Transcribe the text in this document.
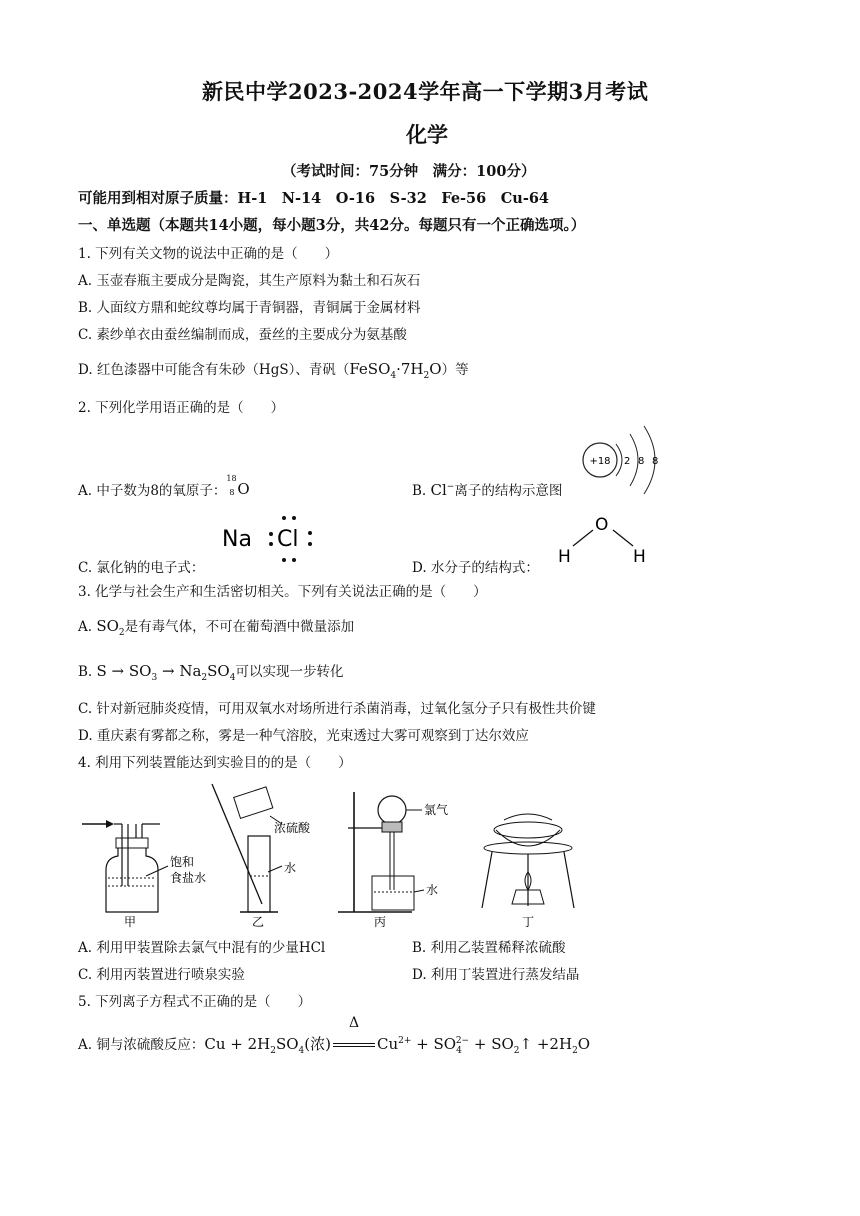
新民中学2023-2024学年高一下学期3月考试
化学
（考试时间：75分钟　满分：100分）
可能用到相对原子质量：H-1　N-14　O-16　S-32　Fe-56　Cu-64
一、单选题（本题共14小题，每小题3分，共42分。每题只有一个正确选项。）
1. 下列有关文物的说法中正确的是（　　）
A. 玉壶春瓶主要成分是陶瓷，其生产原料为黏土和石灰石
B. 人面纹方鼎和蛇纹尊均属于青铜器，青铜属于金属材料
C. 素纱单衣由蚕丝编制而成，蚕丝的主要成分为氨基酸
D. 红色漆器中可能含有朱砂（HgS）、青矾$(FeSO_4\cdot 7H_2O)$等
2. 下列化学用语正确的是（　　）
A. 中子数为8的氧原子：
18
8 O	B. Cl−离子的结构示意图
+18 2 8 8
C. 氯化钠的电子式：
Na Cl
D. 水分子的结构式：
O
H	H
3. 化学与社会生产和生活密切相关。下列有关说法正确的是（　　）
A. $SO_2$是有毒气体，不可在葡萄酒中微量添加
B. $S \to SO_3 \to Na_2SO_4$可以实现一步转化
C. 针对新冠肺炎疫情，可用双氧水对场所进行杀菌消毒，过氧化氢分子只有极性共价键
D. 重庆素有雾都之称，雾是一种气溶胶，光束透过大雾可观察到丁达尔效应
4. 利用下列装置能达到实验目的的是（　　）
饱和
食盐水
甲
浓硫酸
水
乙
氯气
水
丙	丁
A. 利用甲装置除去氯气中混有的少量HCl	B. 利用乙装置稀释浓硫酸
C. 利用丙装置进行喷泉实验	D. 利用丁装置进行蒸发结晶
5. 下列离子方程式不正确的是（　　）
A. 铜与浓硫酸反应：$Cu + 2H_2SO_4$(浓)
Δ
$Cu^{2+} + SO_4^{2-}$ + $SO_2↑ +2H_2O$
